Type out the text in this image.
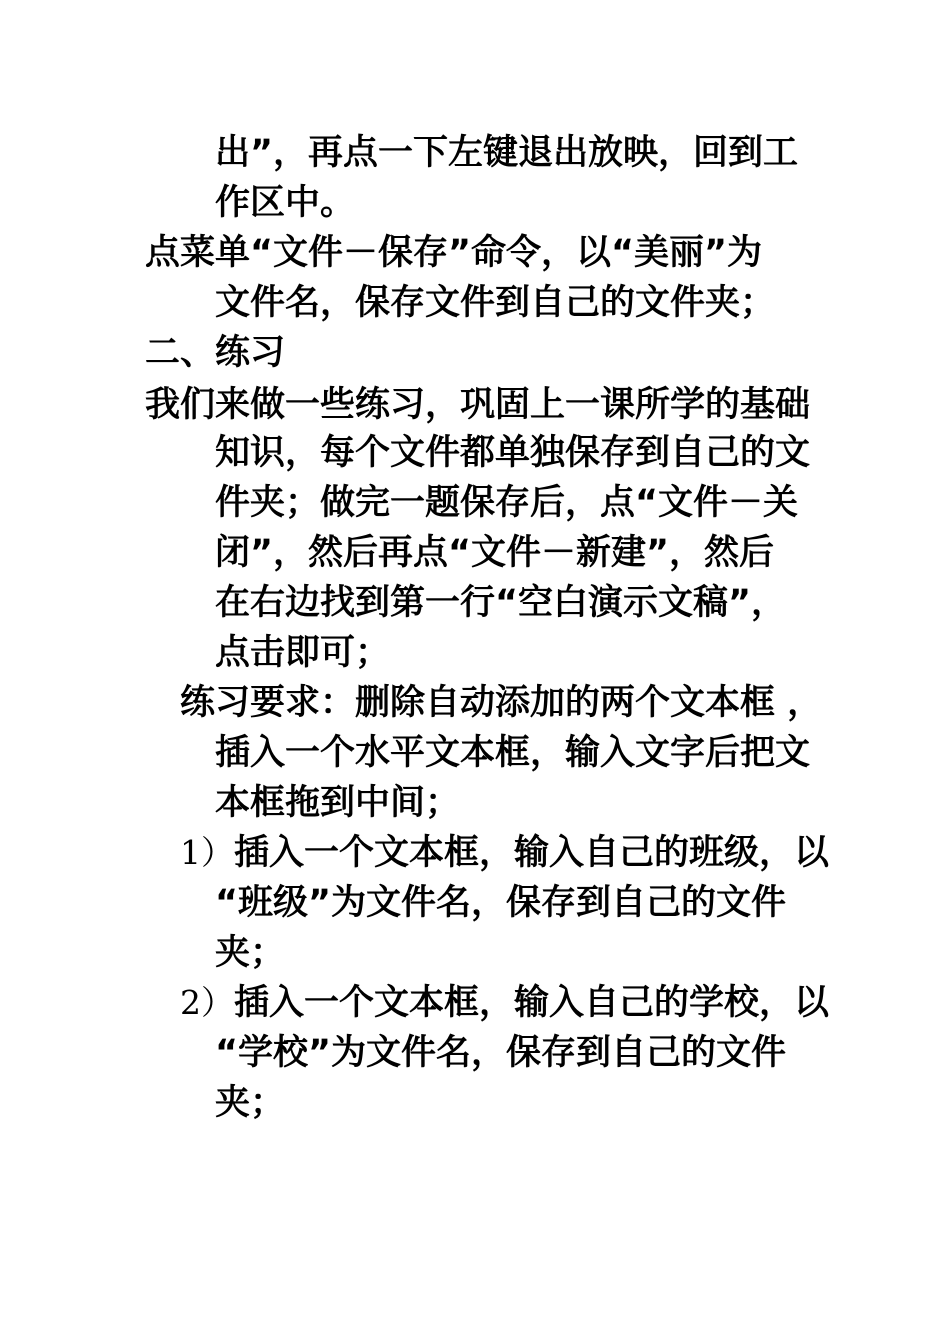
出”，再点一下左键退出放映，回到工
作区中。
点菜单“文件－保存”命令，以“美丽”为
文件名，保存文件到自己的文件夹；
二、练习
我们来做一些练习，巩固上一课所学的基础
知识，每个文件都单独保存到自己的文
件夹；做完一题保存后，点“文件－关
闭”，然后再点“文件－新建”，然后
在右边找到第一行“空白演示文稿”，
点击即可；
练习要求：删除自动添加的两个文本框 ，
插入一个水平文本框，输入文字后把文
本框拖到中间；
1）插入一个文本框，输入自己的班级，以
“班级”为文件名，保存到自己的文件
夹；
2）插入一个文本框，输入自己的学校，以
“学校”为文件名，保存到自己的文件
夹；
